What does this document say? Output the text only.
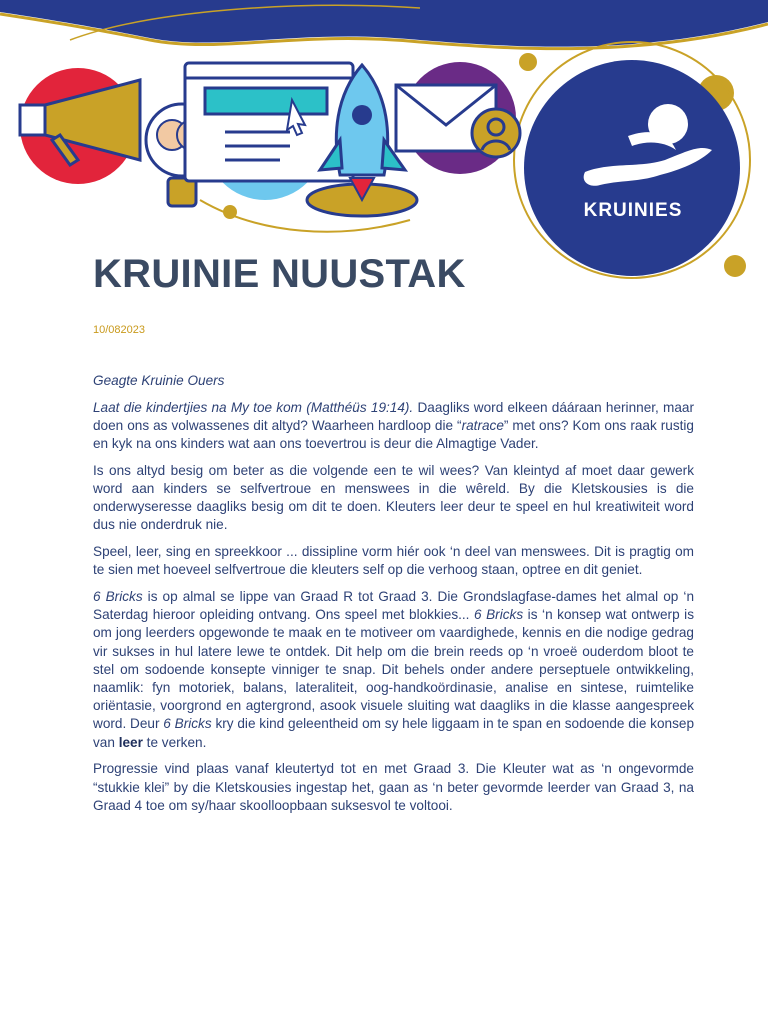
KRUINIES
KRUINIE NUUSTAK
10/082023

Geagte Kruinie Ouers

Laat die kindertjies na My toe kom (Matthéüs 19:14). Daagliks word elkeen dááraan herinner, maar doen ons as volwassenes dit altyd? Waarheen hardloop die “ratrace” met ons? Kom ons raak rustig en kyk na ons kinders wat aan ons toevertrou is deur die Almagtige Vader.

Is ons altyd besig om beter as die volgende een te wil wees? Van kleintyd af moet daar gewerk word aan kinders se selfvertroue en menswees in die wêreld. By die Kletskousies is die onderwyseresse daagliks besig om dit te doen. Kleuters leer deur te speel en hul kreatiwiteit word dus nie onderdruk nie.

Speel, leer, sing en spreekkoor ... dissipline vorm hiér ook ‘n deel van menswees. Dit is pragtig om te sien met hoeveel selfvertroue die kleuters self op die verhoog staan, optree en dit geniet.

6 Bricks is op almal se lippe van Graad R tot Graad 3. Die Grondslagfase-dames het almal op ‘n Saterdag hieroor opleiding ontvang. Ons speel met blokkies... 6 Bricks is ‘n konsep wat ontwerp is om jong leerders opgewonde te maak en te motiveer om vaardighede, kennis en die nodige gedrag vir sukses in hul latere lewe te ontdek. Dit help om die brein reeds op ‘n vroeë ouderdom bloot te stel om sodoende konsepte vinniger te snap. Dit behels onder andere perseptuele ontwikkeling, naamlik: fyn motoriek, balans, lateraliteit, oog-handkoördinasie, analise en sintese, ruimtelike oriëntasie, voorgrond en agtergrond, asook visuele sluiting wat daagliks in die klasse aangespreek word. Deur 6 Bricks kry die kind geleentheid om sy hele liggaam in te span en sodoende die konsep van leer te verken.

Progressie vind plaas vanaf kleutertyd tot en met Graad 3. Die Kleuter wat as ‘n ongevormde “stukkie klei” by die Kletskousies ingestap het, gaan as ‘n beter gevormde leerder van Graad 3, na Graad 4 toe om sy/haar skoolloopbaan suksesvol te voltooi.
